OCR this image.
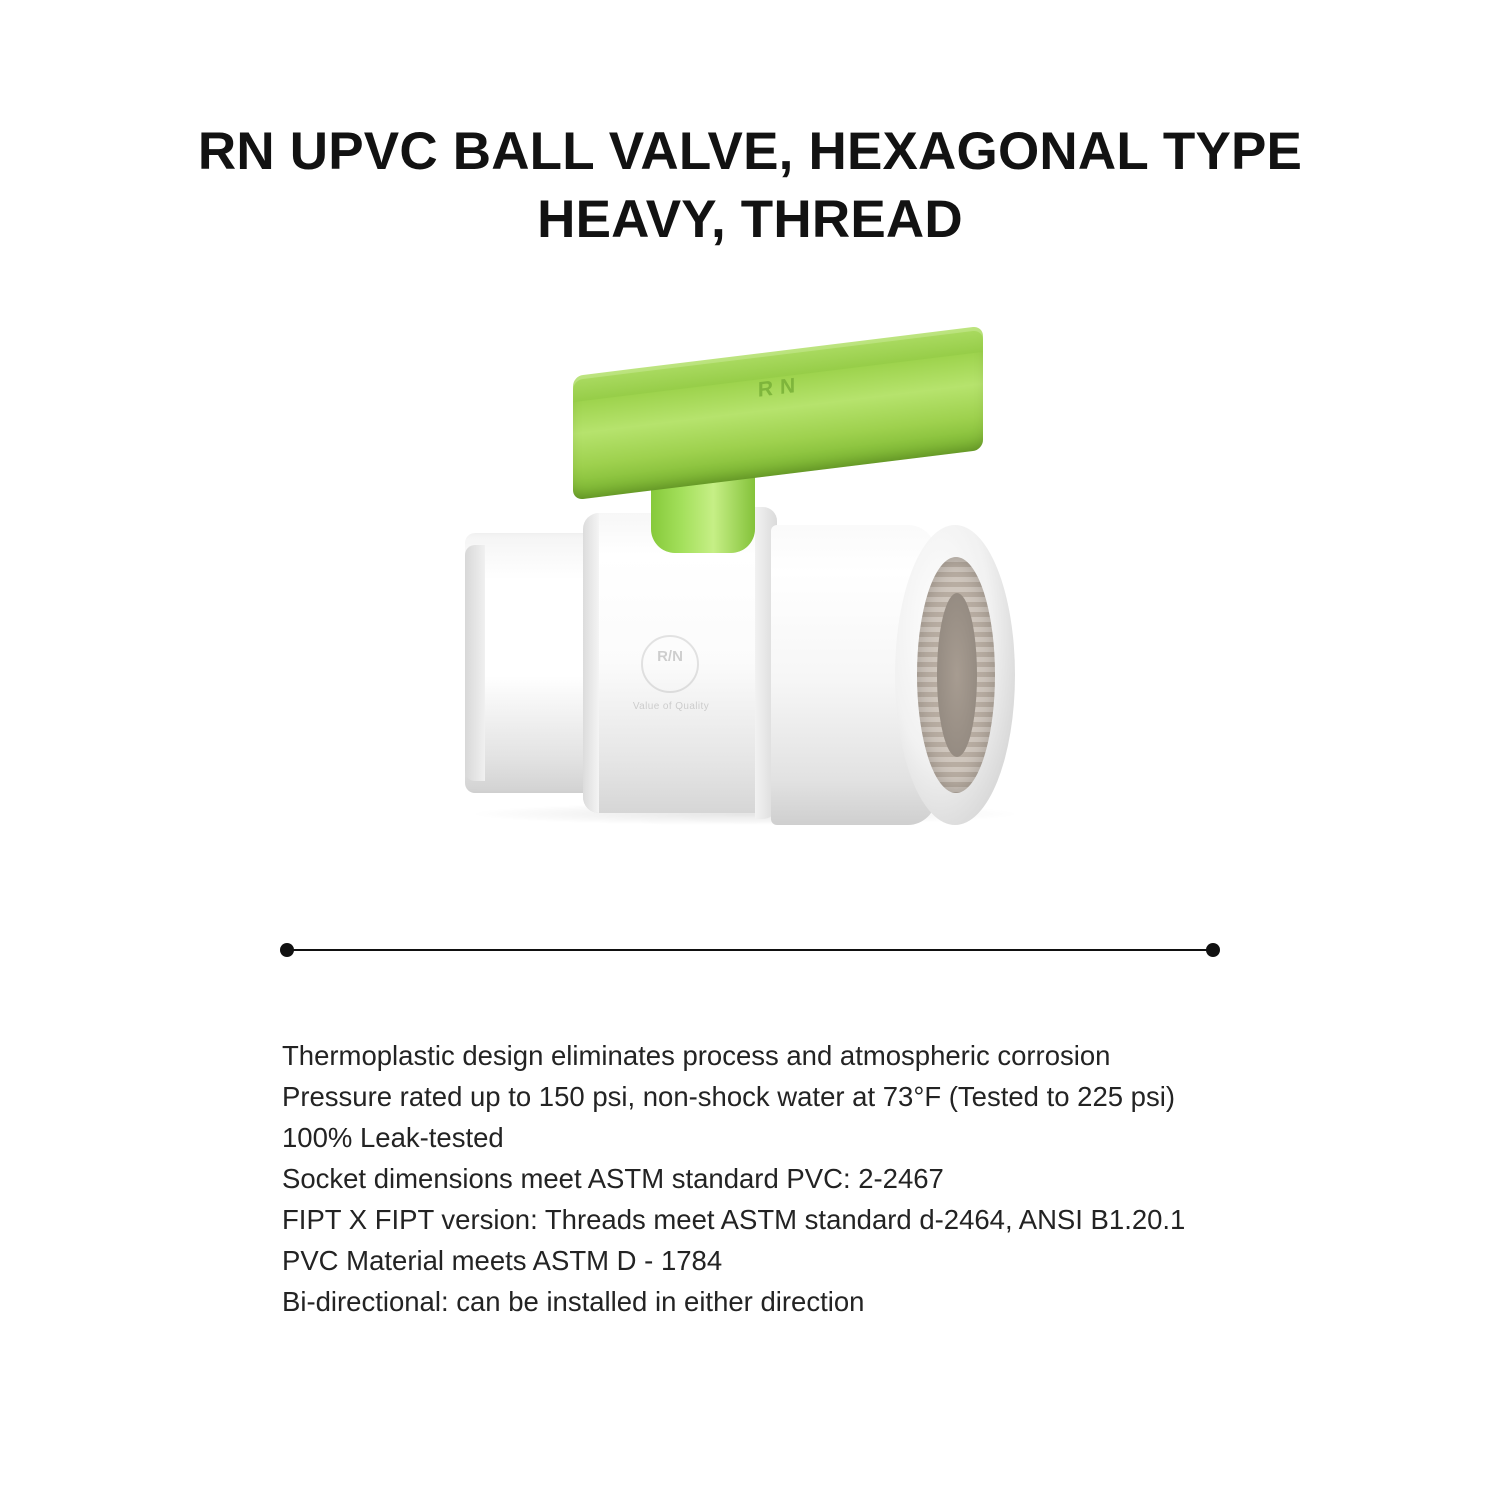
RN UPVC BALL VALVE, HEXAGONAL TYPE HEAVY, THREAD
RN
R/N
Value of Quality
Thermoplastic design eliminates process and atmospheric corrosion
Pressure rated up to 150 psi, non-shock water at 73°F (Tested to 225 psi)
100% Leak-tested
Socket dimensions meet ASTM standard PVC: 2-2467
FIPT X FIPT version: Threads meet ASTM standard d-2464, ANSI B1.20.1
PVC Material meets ASTM D - 1784
Bi-directional: can be installed in either direction
